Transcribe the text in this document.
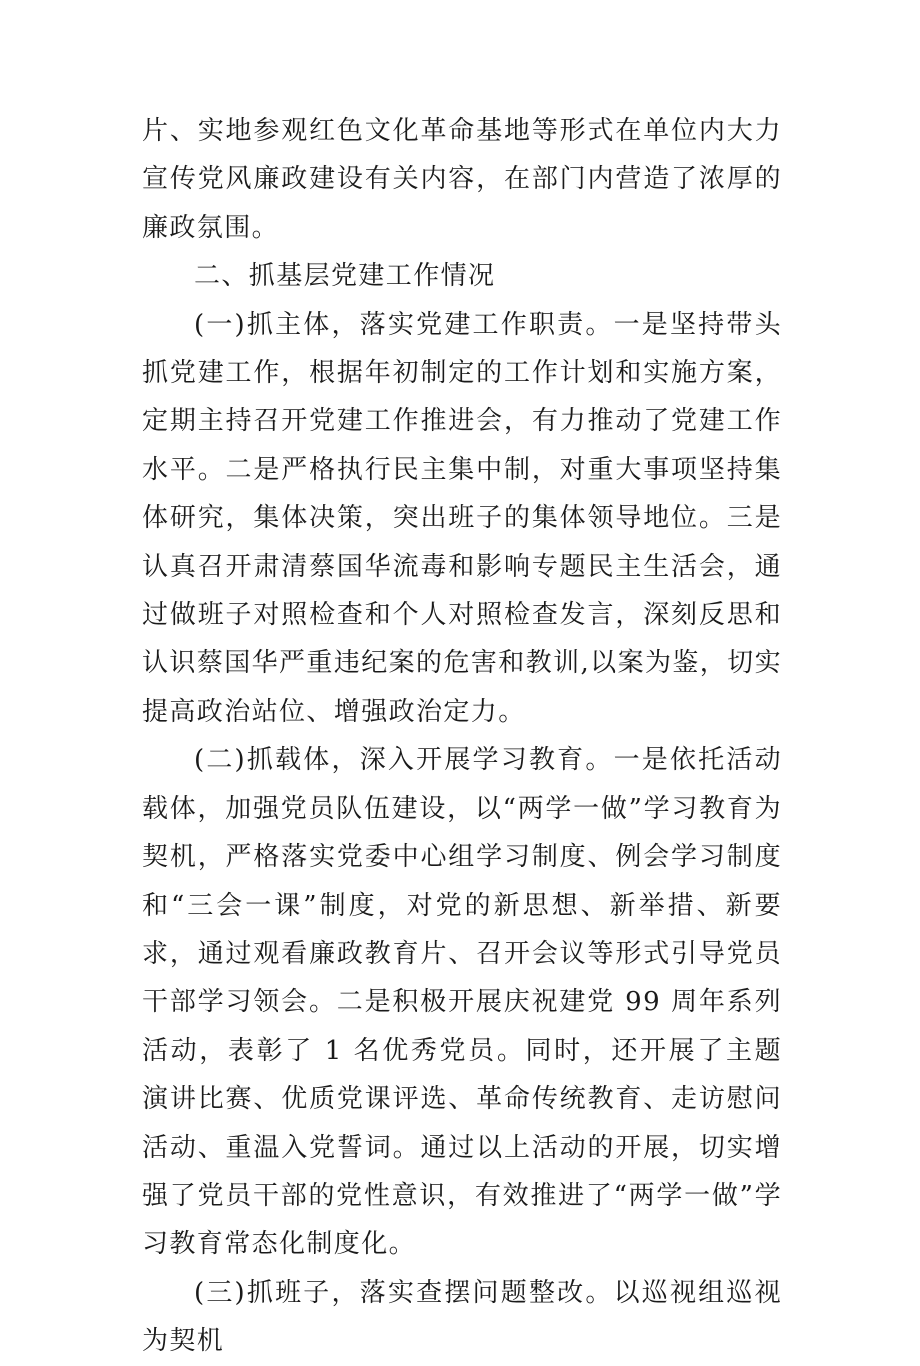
片、实地参观红色文化革命基地等形式在单位内大力宣传党风廉政建设有关内容，在部门内营造了浓厚的廉政氛围。

二、抓基层党建工作情况

(一)抓主体，落实党建工作职责。一是坚持带头抓党建工作，根据年初制定的工作计划和实施方案，定期主持召开党建工作推进会，有力推动了党建工作水平。二是严格执行民主集中制，对重大事项坚持集体研究，集体决策，突出班子的集体领导地位。三是认真召开肃清蔡国华流毒和影响专题民主生活会，通过做班子对照检查和个人对照检查发言，深刻反思和认识蔡国华严重违纪案的危害和教训,以案为鉴，切实提高政治站位、增强政治定力。

(二)抓载体，深入开展学习教育。一是依托活动载体，加强党员队伍建设，以“两学一做”学习教育为契机，严格落实党委中心组学习制度、例会学习制度和“三会一课”制度，对党的新思想、新举措、新要求，通过观看廉政教育片、召开会议等形式引导党员干部学习领会。二是积极开展庆祝建党 99 周年系列活动，表彰了 1 名优秀党员。同时，还开展了主题演讲比赛、优质党课评选、革命传统教育、走访慰问活动、重温入党誓词。通过以上活动的开展，切实增强了党员干部的党性意识，有效推进了“两学一做”学习教育常态化制度化。

(三)抓班子，落实查摆问题整改。以巡视组巡视为契机
